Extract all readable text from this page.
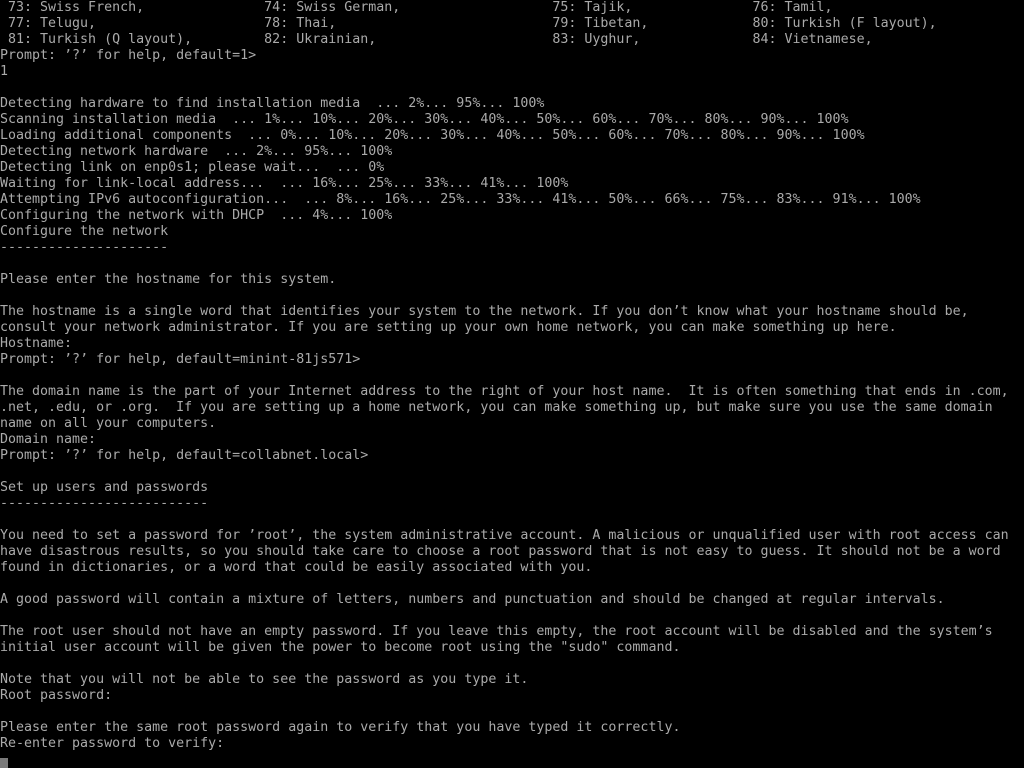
73: Swiss French,               74: Swiss German,                   75: Tajik,               76: Tamil,
77: Telugu,                     78: Thai,                           79: Tibetan,             80: Turkish (F layout),
81: Turkish (Q layout),         82: Ukrainian,                      83: Uyghur,              84: Vietnamese,
Prompt: ’?’ for help, default=1>
1

Detecting hardware to find installation media  ... 2%... 95%... 100%
Scanning installation media  ... 1%... 10%... 20%... 30%... 40%... 50%... 60%... 70%... 80%... 90%... 100%
Loading additional components  ... 0%... 10%... 20%... 30%... 40%... 50%... 60%... 70%... 80%... 90%... 100%
Detecting network hardware  ... 2%... 95%... 100%
Detecting link on enp0s1; please wait...  ... 0%
Waiting for link-local address...  ... 16%... 25%... 33%... 41%... 100%
Attempting IPv6 autoconfiguration...  ... 8%... 16%... 25%... 33%... 41%... 50%... 66%... 75%... 83%... 91%... 100%
Configuring the network with DHCP  ... 4%... 100%
Configure the network
---------------------

Please enter the hostname for this system.

The hostname is a single word that identifies your system to the network. If you don’t know what your hostname should be,
consult your network administrator. If you are setting up your own home network, you can make something up here.
Hostname:
Prompt: ’?’ for help, default=minint-81js571>

The domain name is the part of your Internet address to the right of your host name.  It is often something that ends in .com,
.net, .edu, or .org.  If you are setting up a home network, you can make something up, but make sure you use the same domain
name on all your computers.
Domain name:
Prompt: ’?’ for help, default=collabnet.local>

Set up users and passwords
--------------------------

You need to set a password for ’root’, the system administrative account. A malicious or unqualified user with root access can
have disastrous results, so you should take care to choose a root password that is not easy to guess. It should not be a word
found in dictionaries, or a word that could be easily associated with you.

A good password will contain a mixture of letters, numbers and punctuation and should be changed at regular intervals.

The root user should not have an empty password. If you leave this empty, the root account will be disabled and the system’s
initial user account will be given the power to become root using the "sudo" command.

Note that you will not be able to see the password as you type it.
Root password:

Please enter the same root password again to verify that you have typed it correctly.
Re-enter password to verify:
